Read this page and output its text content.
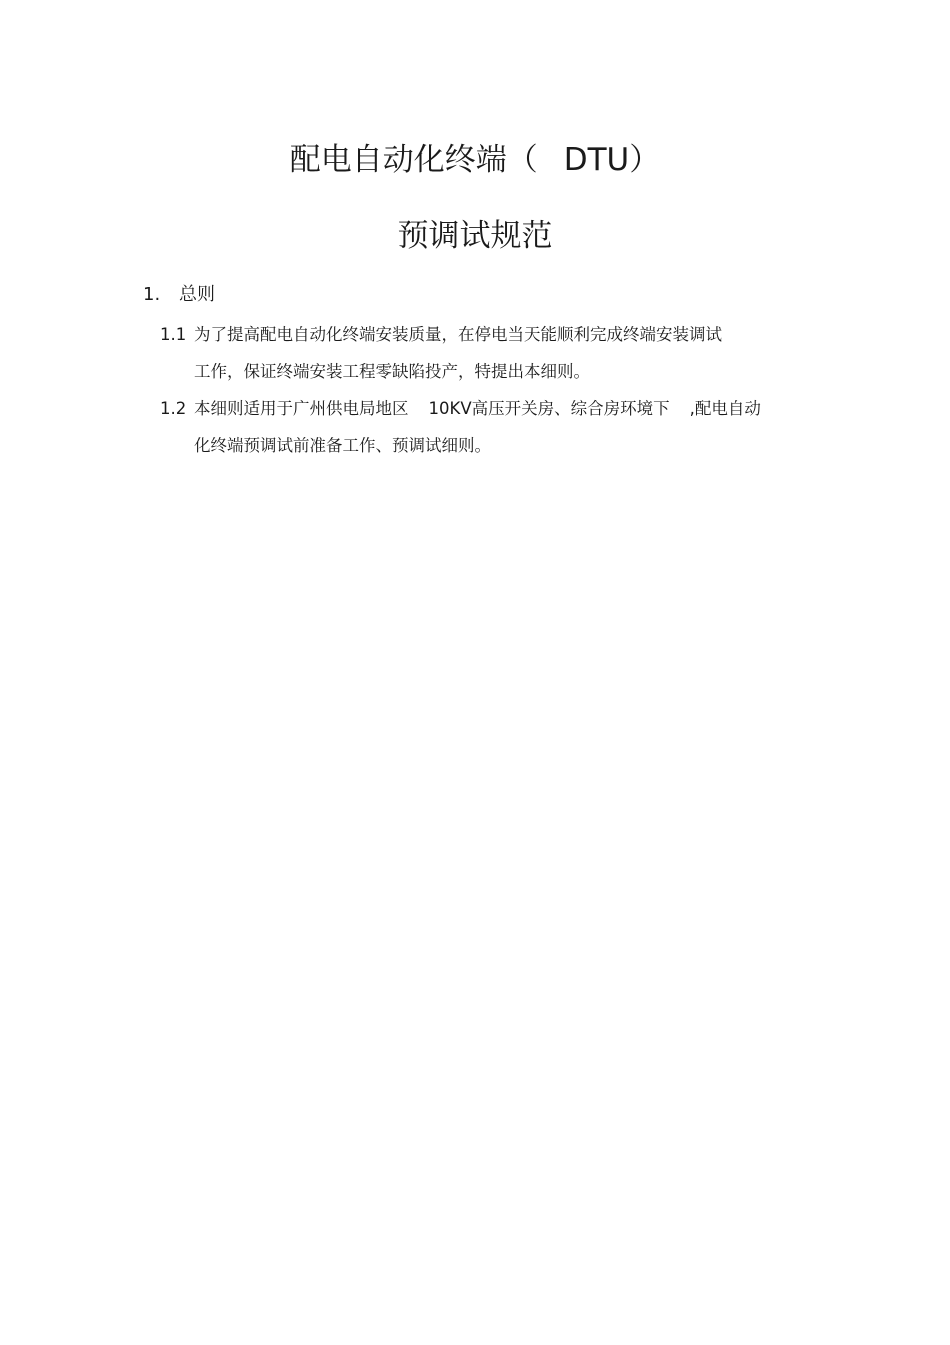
配电自动化终端（ DTU）
预调试规范
1. 总则
1.1 为了提高配电自动化终端安装质量，在停电当天能顺利完成终端安装调试
工作，保证终端安装工程零缺陷投产，特提出本细则。
1.2 本细则适用于广州供电局地区 10KV高压开关房、综合房环境下 ,配电自动
化终端预调试前准备工作、预调试细则。
